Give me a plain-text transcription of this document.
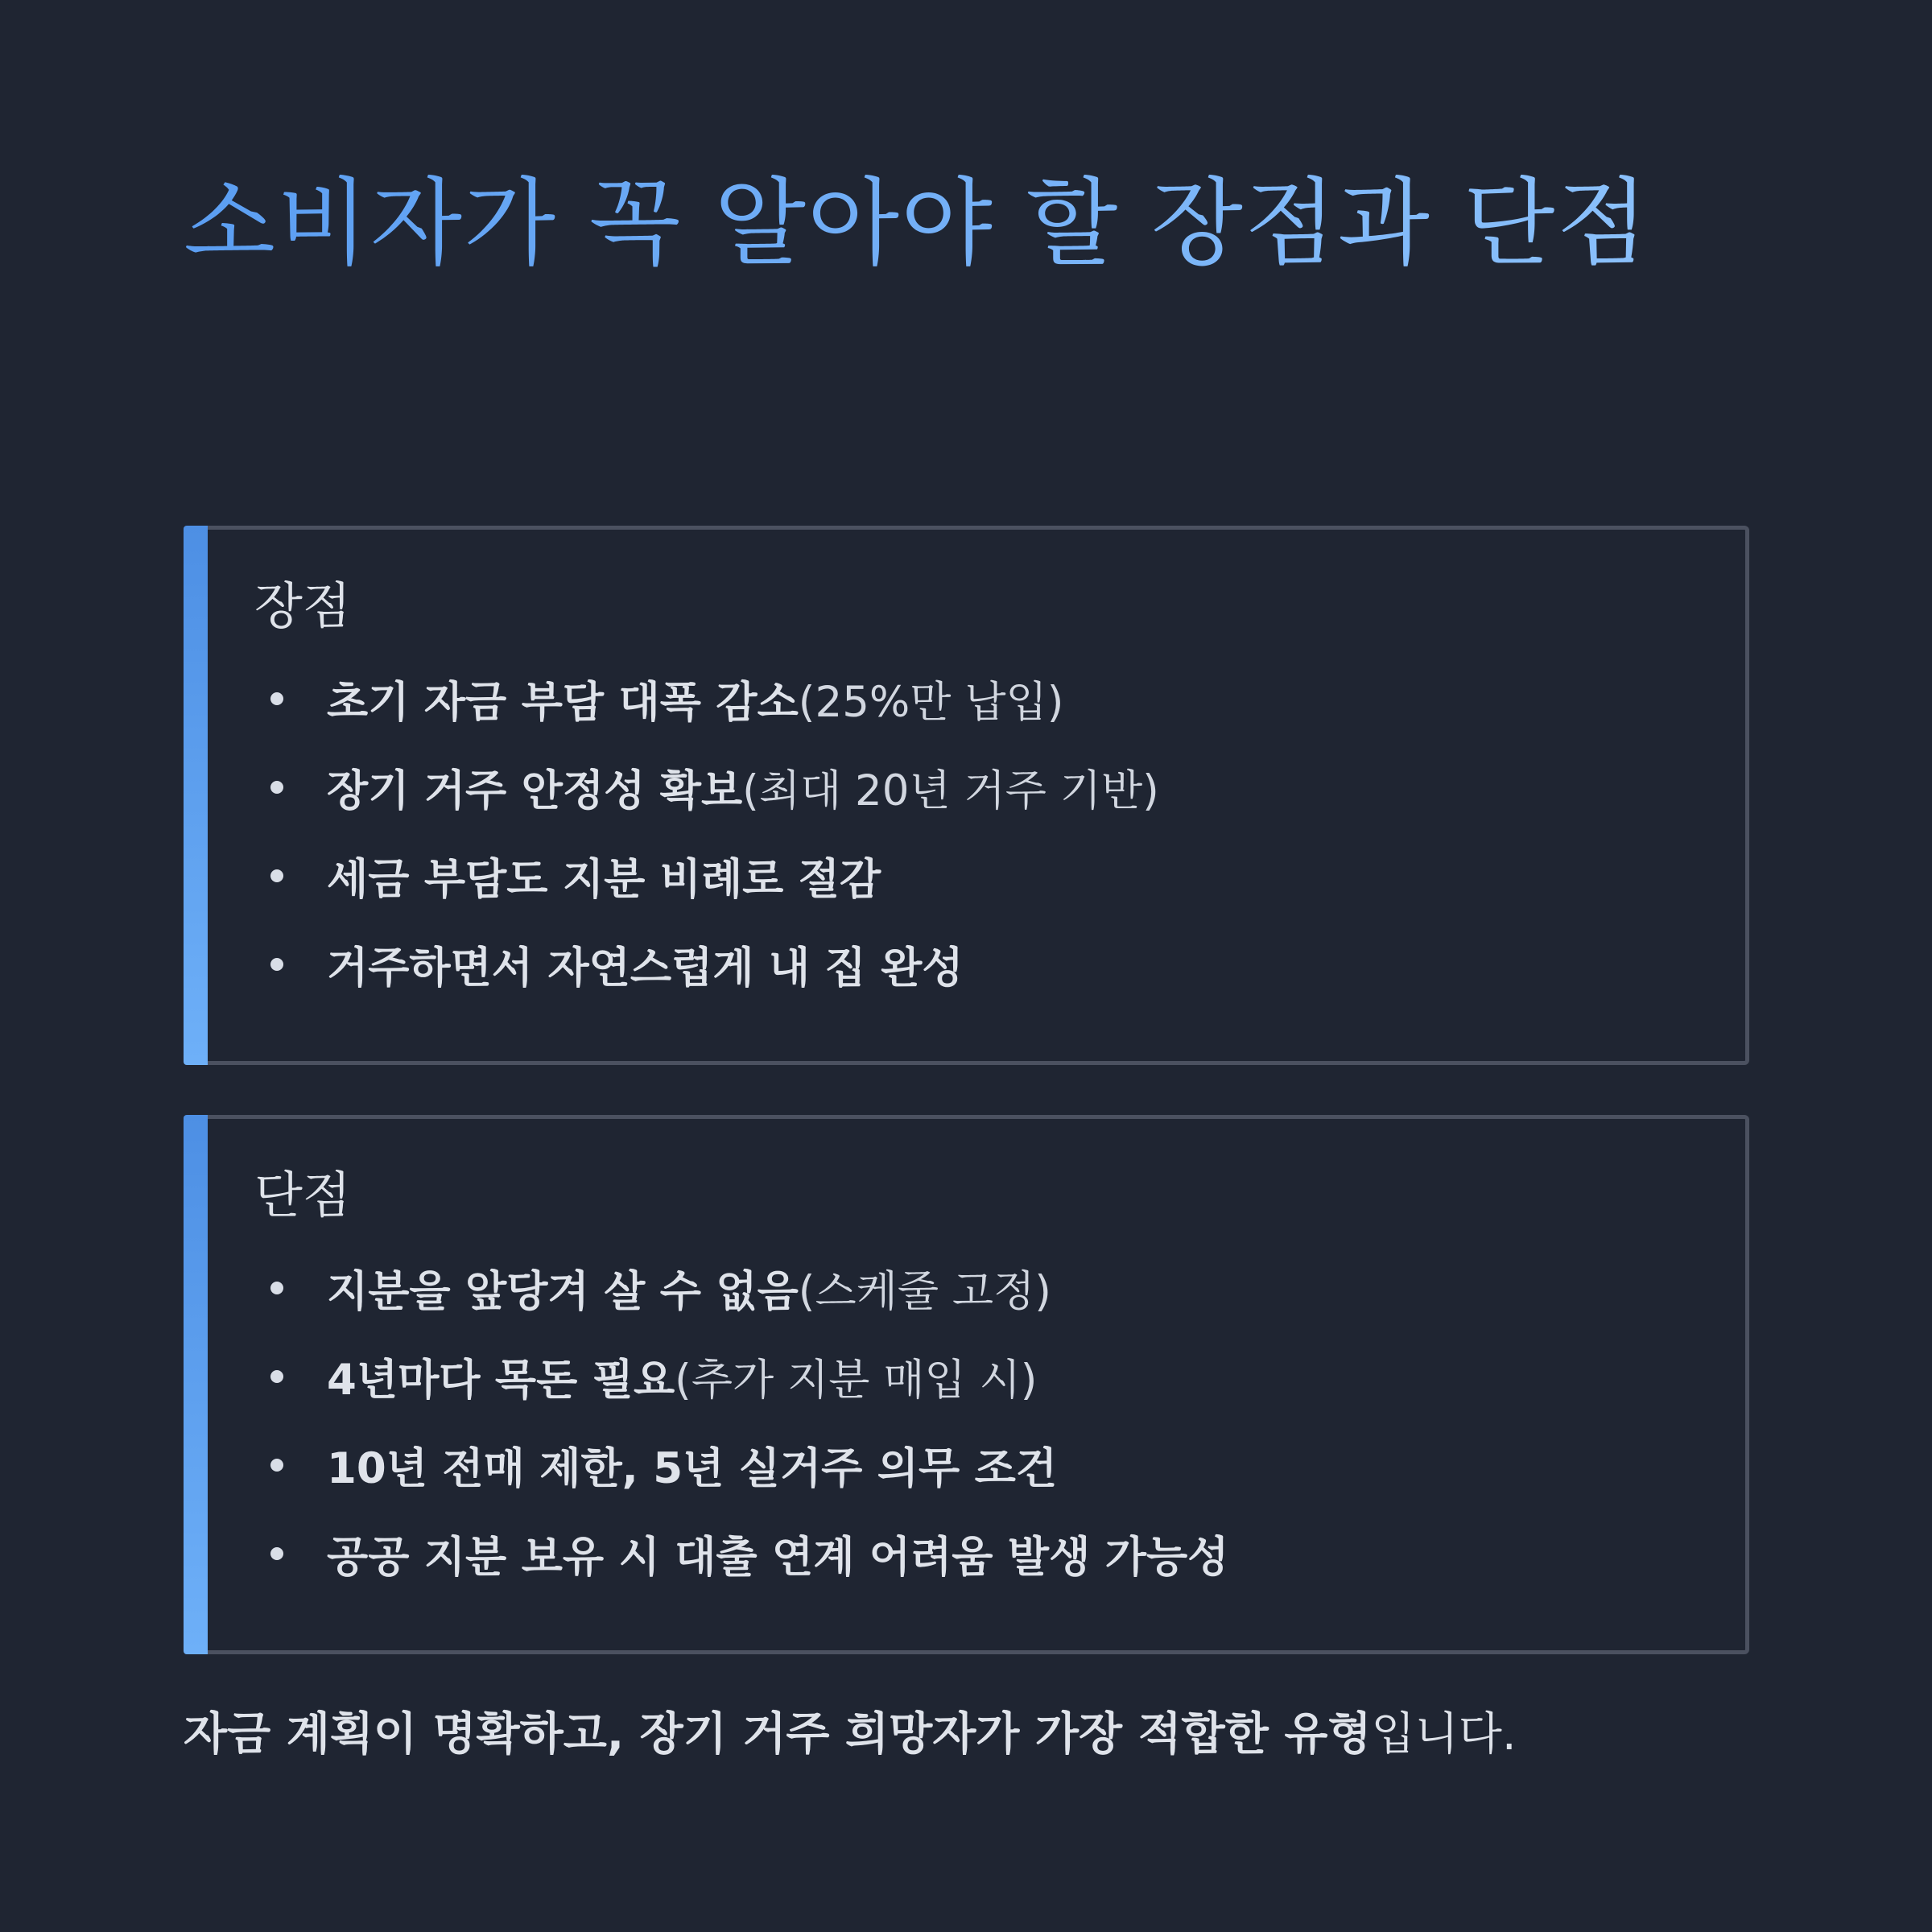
소비자가 꼭 알아야 할 장점과 단점
장점
초기 자금 부담 대폭 감소 (25%만 납입)
장기 거주 안정성 확보 (최대 20년 거주 기반)
세금 부담도 지분 비례로 절감
거주하면서 자연스럽게 내 집 완성
단점
지분을 앞당겨 살 수 없음 (스케줄 고정)
4년마다 목돈 필요 (추가 지분 매입 시)
10년 전매 제한, 5년 실거주 의무 조건
공공 지분 보유 시 대출 연계 어려움 발생 가능성

자금 계획이 명확하고, 장기 거주 희망자가 가장 적합한 유형입니다.
